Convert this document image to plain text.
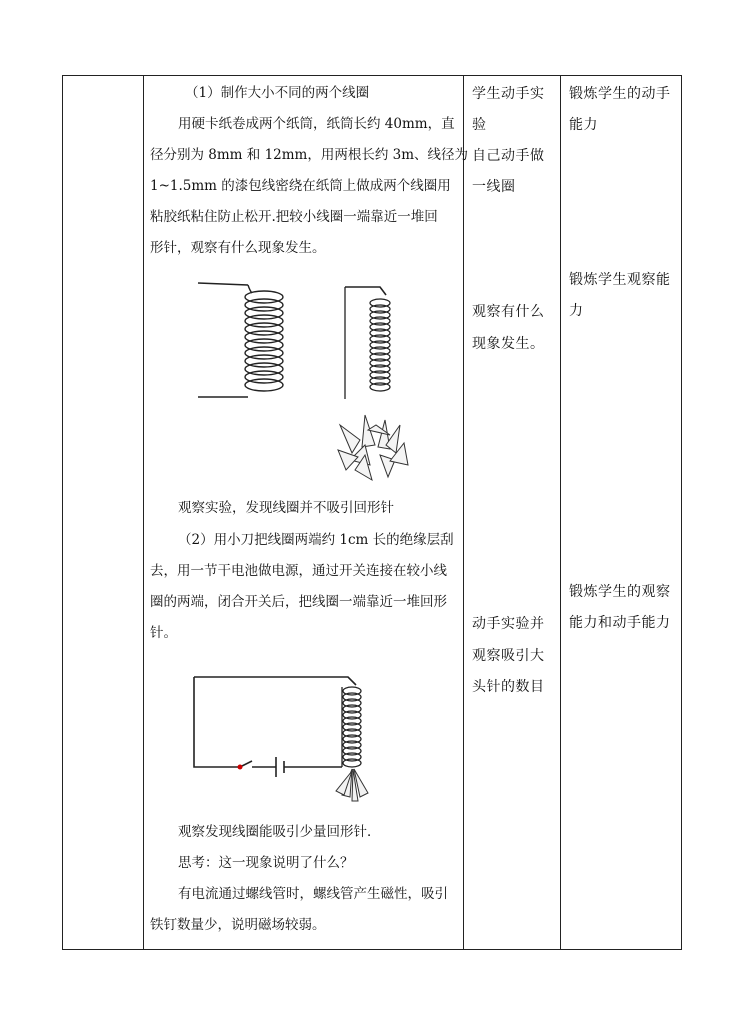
（1）制作大小不同的两个线圈
用硬卡纸卷成两个纸筒，纸筒长约 40mm，直
径分别为 8mm 和 12mm，用两根长约 3m、线径为
1~1.5mm 的漆包线密绕在纸筒上做成两个线圈用
粘胶纸粘住防止松开.把较小线圈一端靠近一堆回
形针，观察有什么现象发生。
观察实验，发现线圈并不吸引回形针
（2）用小刀把线圈两端约 1cm 长的绝缘层刮
去，用一节干电池做电源，通过开关连接在较小线
圈的两端，闭合开关后，把线圈一端靠近一堆回形
针。
观察发现线圈能吸引少量回形针．
思考：这一现象说明了什么？
有电流通过螺线管时，螺线管产生磁性，吸引
铁钉数量少，说明磁场较弱。
学生动手实
验
自己动手做
一线圈
观察有什么
现象发生。
动手实验并
观察吸引大
头针的数目
锻炼学生的动手
能力
锻炼学生观察能
力
锻炼学生的观察
能力和动手能力
